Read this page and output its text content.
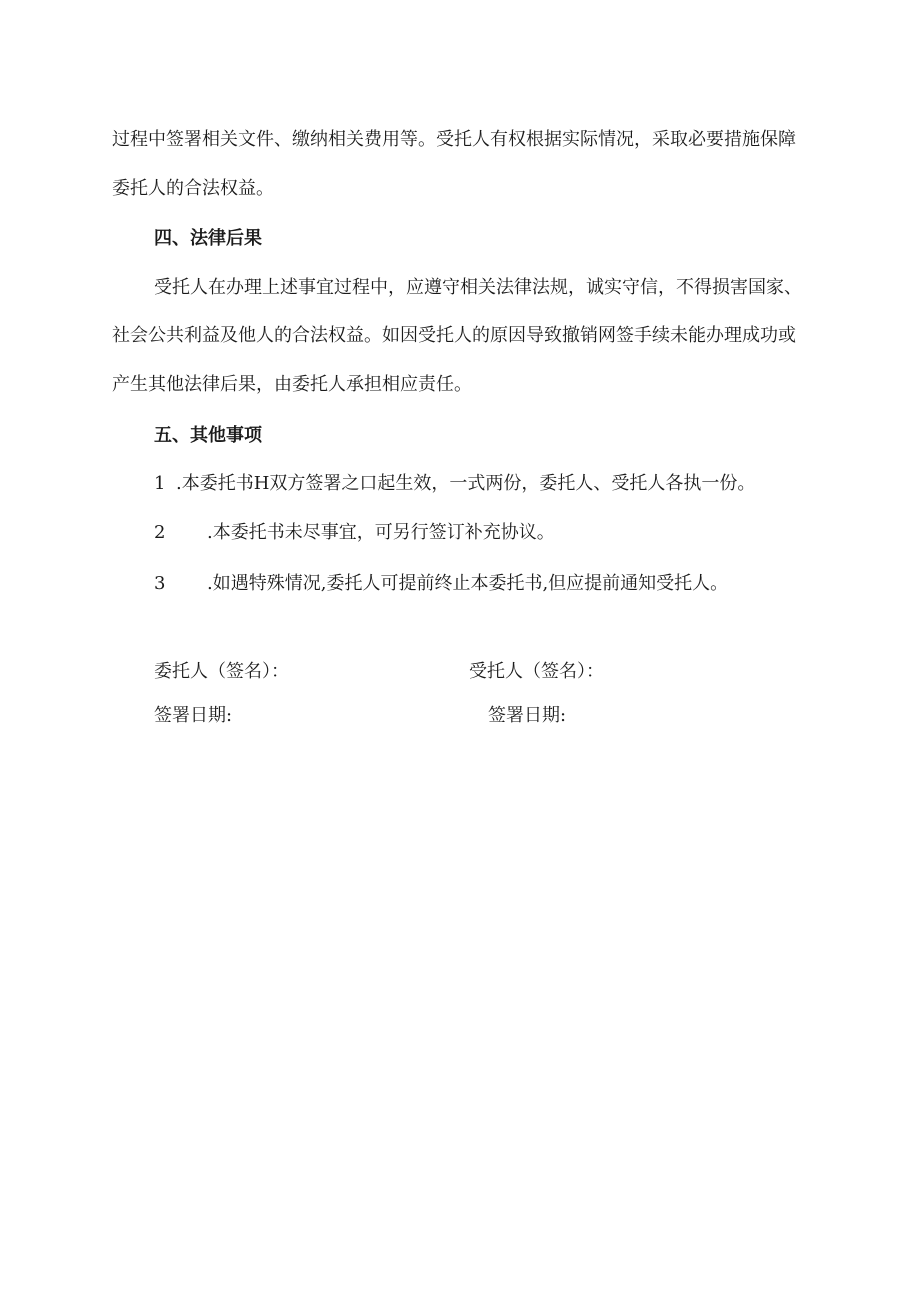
过程中签署相关文件、缴纳相关费用等。受托人有权根据实际情况，采取必要措施保障
委托人的合法权益。
四、法律后果
受托人在办理上述事宜过程中，应遵守相关法律法规，诚实守信，不得损害国家、
社会公共利益及他人的合法权益。如因受托人的原因导致撤销网签手续未能办理成功或
产生其他法律后果，由委托人承担相应责任。
五、其他事项
1 .本委托书H双方签署之口起生效，一式两份，委托人、受托人各执一份。
2 .本委托书未尽事宜，可另行签订补充协议。
3 .如遇特殊情况,委托人可提前终止本委托书,但应提前通知受托人。
委托人（签名）：	受托人（签名）：
签署日期:	签署日期:
